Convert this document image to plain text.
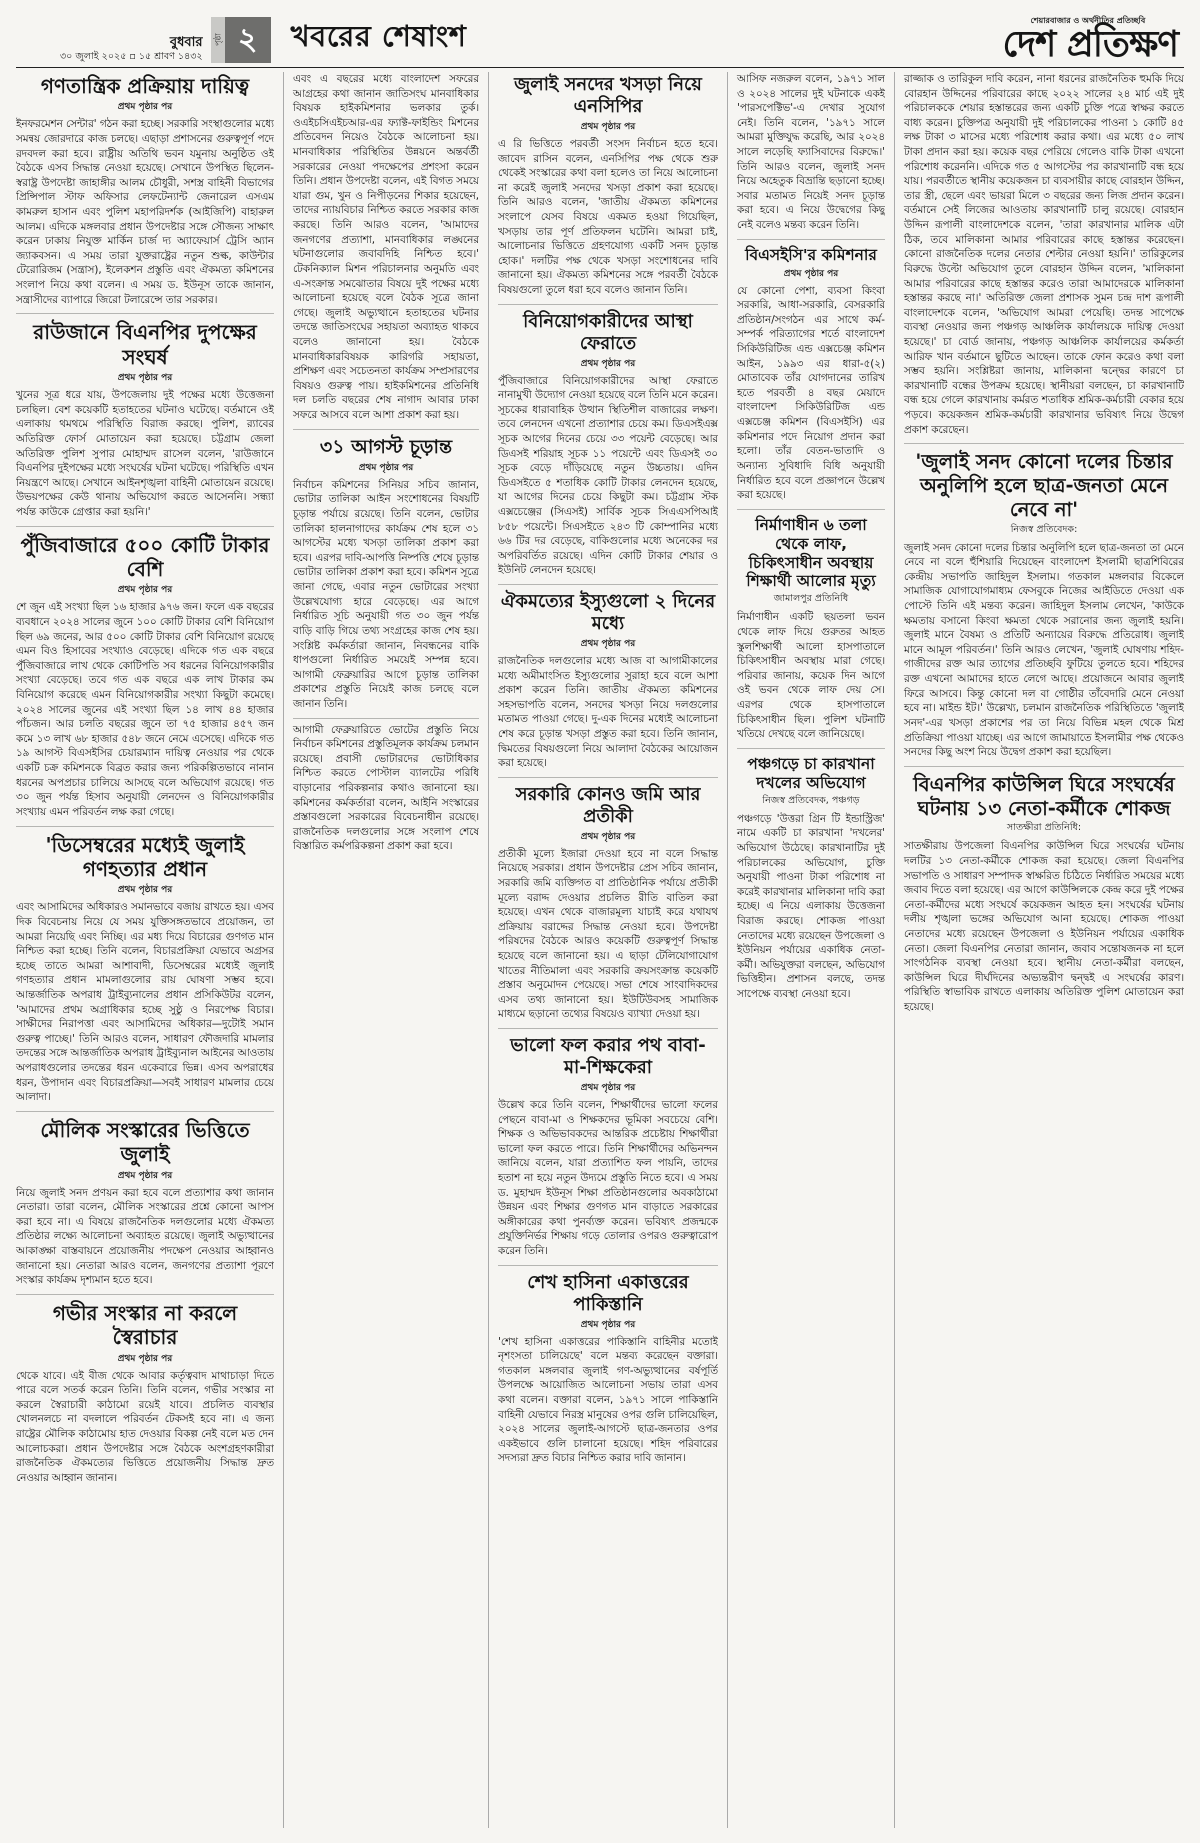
বুধবার
৩০ জুলাই ২০২৫ ▫ ১৫ শ্রাবণ ১৪৩২
পৃষ্ঠা ২	খবরের শেষাংশ	শেয়ারবাজার ও অর্থনীতির প্রতিচ্ছবি
দেশ প্রতিক্ষণ
গণতান্ত্রিক প্রক্রিয়ায় দায়িত্ব
প্রথম পৃষ্ঠার পর

ইনফরমেশন সেন্টার' গঠন করা হচ্ছে। সরকারি সংস্থাগুলোর মধ্যে সমন্বয় জোরদারে কাজ চলছে। এছাড়া প্রশাসনের গুরুত্বপূর্ণ পদে রদবদল করা হবে। রাষ্ট্রীয় অতিথি ভবন যমুনায় অনুষ্ঠিত ওই বৈঠকে এসব সিদ্ধান্ত নেওয়া হয়েছে। সেখানে উপস্থিত ছিলেন-স্বরাষ্ট্র উপদেষ্টা জাহাঙ্গীর আলম চৌধুরী, সশস্ত্র বাহিনী বিভাগের প্রিন্সিপাল স্টাফ অফিসার লেফটেন্যান্ট জেনারেল এসএম কামরুল হাসান এবং পুলিশ মহাপরিদর্শক (আইজিপি) বাহারুল আলম। এদিকে মঙ্গলবার প্রধান উপদেষ্টার সঙ্গে সৌজন্য সাক্ষাৎ করেন ঢাকায় নিযুক্ত মার্কিন চার্জ দ্য অ্যাফেয়ার্স ট্রেসি অ্যান জ্যাকবসন। এ সময় তারা যুক্তরাষ্ট্রের নতুন শুল্ক, কাউন্টার টেরোরিজম (সন্ত্রাস), ইলেকশন প্রস্তুতি এবং ঐকমত্য কমিশনের সংলাপ নিয়ে কথা বলেন। এ সময় ড. ইউনূস তাকে জানান, সন্ত্রাসীদের ব্যাপারে জিরো টলারেন্সে তার সরকার।

রাউজানে বিএনপির দুপক্ষের সংঘর্ষ
প্রথম পৃষ্ঠার পর

খুনের সূত্র ধরে যায়, উপজেলায় দুই পক্ষের মধ্যে উত্তেজনা চলছিল। বেশ কয়েকটি হতাহতের ঘটনাও ঘটেছে। বর্তমানে ওই এলাকায় থমথমে পরিস্থিতি বিরাজ করছে। পুলিশ, র‍্যাবের অতিরিক্ত ফোর্স মোতায়েন করা হয়েছে। চট্টগ্রাম জেলা অতিরিক্ত পুলিশ সুপার মোহাম্মদ রাসেল বলেন, 'রাউজানে বিএনপির দুইপক্ষের মধ্যে সংঘর্ষের ঘটনা ঘটেছে। পরিস্থিতি এখন নিয়ন্ত্রণে আছে। সেখানে আইনশৃঙ্খলা বাহিনী মোতায়েন রয়েছে। উভয়পক্ষের কেউ থানায় অভিযোগ করতে আসেননি। সন্ধ্যা পর্যন্ত কাউকে গ্রেপ্তার করা হয়নি।'

পুঁজিবাজারে ৫০০ কোটি টাকার বেশি
প্রথম পৃষ্ঠার পর

শে জুন এই সংখ্যা ছিল ১৬ হাজার ৯৭৬ জন। ফলে এক বছরের ব্যবধানে ২০২৪ সালের জুনে ১০০ কোটি টাকার বেশি বিনিয়োগ ছিল ৬৯ জনের, আর ৫০০ কোটি টাকার বেশি বিনিয়োগ রয়েছে এমন বিও হিসাবের সংখ্যাও বেড়েছে। এদিকে গত এক বছরে পুঁজিবাজারে লাখ থেকে কোটিপতি সব ধরনের বিনিয়োগকারীর সংখ্যা বেড়েছে। তবে গত এক বছরে এক লাখ টাকার কম বিনিয়োগ করেছে এমন বিনিয়োগকারীর সংখ্যা কিছুটা কমেছে। ২০২৪ সালের জুনের এই সংখ্যা ছিল ১৪ লাখ ৪৪ হাজার পাঁচজন। আর চলতি বছরের জুনে তা ৭৫ হাজার ৪৫৭ জন কমে ১৩ লাখ ৬৮ হাজার ৫৪৮ জনে নেমে এসেছে। এদিকে গত ১৯ আগস্ট বিএসইসির চেয়ারম্যান দায়িত্ব নেওয়ার পর থেকে একটি চক্র কমিশনকে বিব্রত করার জন্য পরিকল্পিতভাবে নানান ধরনের অপপ্রচার চালিয়ে আসছে বলে অভিযোগ রয়েছে। গত ৩০ জুন পর্যন্ত হিসাব অনুযায়ী লেনদেন ও বিনিয়োগকারীর সংখ্যায় এমন পরিবর্তন লক্ষ করা গেছে।

'ডিসেম্বরের মধ্যেই জুলাই গণহত্যার প্রধান
প্রথম পৃষ্ঠার পর

এবং আসামিদের অধিকারও সমানভাবে বজায় রাখতে হয়। এসব দিক বিবেচনায় নিয়ে যে সময় যুক্তিসঙ্গতভাবে প্রয়োজন, তা আমরা নিয়েছি এবং নিচ্ছি। এর মধ্য দিয়ে বিচারের গুণগত মান নিশ্চিত করা হচ্ছে। তিনি বলেন, বিচারপ্রক্রিয়া যেভাবে অগ্রসর হচ্ছে তাতে আমরা আশাবাদী, ডিসেম্বরের মধ্যেই জুলাই গণহত্যার প্রধান মামলাগুলোর রায় ঘোষণা সম্ভব হবে। আন্তর্জাতিক অপরাধ ট্রাইব্যুনালের প্রধান প্রসিকিউটর বলেন, 'আমাদের প্রথম অগ্রাধিকার হচ্ছে সুষ্ঠু ও নিরপেক্ষ বিচার। সাক্ষীদের নিরাপত্তা এবং আসামিদের অধিকার—দুটোই সমান গুরুত্ব পাচ্ছে।' তিনি আরও বলেন, সাধারণ ফৌজদারি মামলার তদন্তের সঙ্গে আন্তর্জাতিক অপরাধ ট্রাইব্যুনাল আইনের আওতায় অপরাধগুলোর তদন্তের ধরন একেবারে ভিন্ন। এসব অপরাধের ধরন, উপাদান এবং বিচারপ্রক্রিয়া—সবই সাধারণ মামলার চেয়ে আলাদা।

মৌলিক সংস্কারের ভিত্তিতে জুলাই
প্রথম পৃষ্ঠার পর

নিয়ে জুলাই সনদ প্রণয়ন করা হবে বলে প্রত্যাশার কথা জানান নেতারা। তারা বলেন, মৌলিক সংস্কারের প্রশ্নে কোনো আপস করা হবে না। এ বিষয়ে রাজনৈতিক দলগুলোর মধ্যে ঐকমত্য প্রতিষ্ঠার লক্ষ্যে আলোচনা অব্যাহত রয়েছে। জুলাই অভ্যুত্থানের আকাঙ্ক্ষা বাস্তবায়নে প্রয়োজনীয় পদক্ষেপ নেওয়ার আহ্বানও জানানো হয়। নেতারা আরও বলেন, জনগণের প্রত্যাশা পূরণে সংস্কার কার্যক্রম দৃশ্যমান হতে হবে।

গভীর সংস্কার না করলে স্বৈরাচার
প্রথম পৃষ্ঠার পর

থেকে যাবে। এই বীজ থেকে আবার কর্তৃত্ববাদ মাথাচাড়া দিতে পারে বলে সতর্ক করেন তিনি। তিনি বলেন, গভীর সংস্কার না করলে স্বৈরাচারী কাঠামো রয়েই যাবে। প্রচলিত ব্যবস্থার খোলনলচে না বদলালে পরিবর্তন টেকসই হবে না। এ জন্য রাষ্ট্রের মৌলিক কাঠামোয় হাত দেওয়ার বিকল্প নেই বলে মত দেন আলোচকরা। প্রধান উপদেষ্টার সঙ্গে বৈঠকে অংশগ্রহণকারীরা রাজনৈতিক ঐকমত্যের ভিত্তিতে প্রয়োজনীয় সিদ্ধান্ত দ্রুত নেওয়ার আহ্বান জানান।

এবং এ বছরের মধ্যে বাংলাদেশ সফরের আগ্রহের কথা জানান জাতিসংঘ মানবাধিকার বিষয়ক হাইকমিশনার ভলকার তুর্ক। ওএইচসিএইচআর-এর ফ্যাক্ট-ফাইন্ডিং মিশনের প্রতিবেদন নিয়েও বৈঠকে আলোচনা হয়। মানবাধিকার পরিস্থিতির উন্নয়নে অন্তর্বর্তী সরকারের নেওয়া পদক্ষেপের প্রশংসা করেন তিনি। প্রধান উপদেষ্টা বলেন, এই বিগত সময়ে যারা গুম, খুন ও নিপীড়নের শিকার হয়েছেন, তাদের ন্যায়বিচার নিশ্চিত করতে সরকার কাজ করছে। তিনি আরও বলেন, 'আমাদের জনগণের প্রত্যাশা, মানবাধিকার লঙ্ঘনের ঘটনাগুলোর জবাবদিহি নিশ্চিত হবে।' টেকনিক্যাল মিশন পরিচালনার অনুমতি এবং এ-সংক্রান্ত সমঝোতার বিষয়ে দুই পক্ষের মধ্যে আলোচনা হয়েছে বলে বৈঠক সূত্রে জানা গেছে। জুলাই অভ্যুত্থানে হতাহতের ঘটনার তদন্তে জাতিসংঘের সহায়তা অব্যাহত থাকবে বলেও জানানো হয়। বৈঠকে মানবাধিকারবিষয়ক কারিগরি সহায়তা, প্রশিক্ষণ এবং সচেতনতা কার্যক্রম সম্প্রসারণের বিষয়ও গুরুত্ব পায়। হাইকমিশনের প্রতিনিধি দল চলতি বছরের শেষ নাগাদ আবার ঢাকা সফরে আসবে বলে আশা প্রকাশ করা হয়।

৩১ আগস্ট চূড়ান্ত
প্রথম পৃষ্ঠার পর

নির্বাচন কমিশনের সিনিয়র সচিব জানান, ভোটার তালিকা আইন সংশোধনের বিষয়টি চূড়ান্ত পর্যায়ে রয়েছে। তিনি বলেন, ভোটার তালিকা হালনাগাদের কার্যক্রম শেষ হলে ৩১ আগস্টের মধ্যে খসড়া তালিকা প্রকাশ করা হবে। এরপর দাবি-আপত্তি নিষ্পত্তি শেষে চূড়ান্ত ভোটার তালিকা প্রকাশ করা হবে। কমিশন সূত্রে জানা গেছে, এবার নতুন ভোটারের সংখ্যা উল্লেখযোগ্য হারে বেড়েছে। এর আগে নির্ধারিত সূচি অনুযায়ী গত ৩০ জুন পর্যন্ত বাড়ি বাড়ি গিয়ে তথ্য সংগ্রহের কাজ শেষ হয়। সংশ্লিষ্ট কর্মকর্তারা জানান, নিবন্ধনের বাকি ধাপগুলো নির্ধারিত সময়েই সম্পন্ন হবে। আগামী ফেব্রুয়ারির আগে চূড়ান্ত তালিকা প্রকাশের প্রস্তুতি নিয়েই কাজ চলছে বলে জানান তিনি।

আগামী ফেব্রুয়ারিতে ভোটের প্রস্তুতি নিয়ে নির্বাচন কমিশনের প্রস্তুতিমূলক কার্যক্রম চলমান রয়েছে। প্রবাসী ভোটারদের ভোটাধিকার নিশ্চিত করতে পোস্টাল ব্যালটের পরিধি বাড়ানোর পরিকল্পনার কথাও জানানো হয়। কমিশনের কর্মকর্তারা বলেন, আইনি সংস্কারের প্রস্তাবগুলো সরকারের বিবেচনাধীন রয়েছে। রাজনৈতিক দলগুলোর সঙ্গে সংলাপ শেষে বিস্তারিত কর্মপরিকল্পনা প্রকাশ করা হবে।

জুলাই সনদের খসড়া নিয়ে এনসিপির
প্রথম পৃষ্ঠার পর

এ রি ভিত্তিতে পরবর্তী সংসদ নির্বাচন হতে হবে। জাবেদ রাসিন বলেন, এনসিপির পক্ষ থেকে শুরু থেকেই সংস্কারের কথা বলা হলেও তা নিয়ে আলোচনা না করেই জুলাই সনদের খসড়া প্রকাশ করা হয়েছে। তিনি আরও বলেন, 'জাতীয় ঐকমত্য কমিশনের সংলাপে যেসব বিষয়ে একমত হওয়া গিয়েছিল, খসড়ায় তার পূর্ণ প্রতিফলন ঘটেনি। আমরা চাই, আলোচনার ভিত্তিতে গ্রহণযোগ্য একটি সনদ চূড়ান্ত হোক।' দলটির পক্ষ থেকে খসড়া সংশোধনের দাবি জানানো হয়। ঐকমত্য কমিশনের সঙ্গে পরবর্তী বৈঠকে বিষয়গুলো তুলে ধরা হবে বলেও জানান তিনি।

বিনিয়োগকারীদের আস্থা ফেরাতে
প্রথম পৃষ্ঠার পর

পুঁজিবাজারে বিনিয়োগকারীদের আস্থা ফেরাতে নানামুখী উদ্যোগ নেওয়া হয়েছে বলে তিনি মনে করেন। সূচকের ধারাবাহিক উত্থান স্থিতিশীল বাজারের লক্ষণ। তবে লেনদেন এখনো প্রত্যাশার চেয়ে কম। ডিএসইএক্স সূচক আগের দিনের চেয়ে ৩৩ পয়েন্ট বেড়েছে। আর ডিএসই শরিয়াহ সূচক ১১ পয়েন্টে এবং ডিএসই ৩০ সূচক বেড়ে দাঁড়িয়েছে নতুন উচ্চতায়। এদিন ডিএসইতে ৫ শতাধিক কোটি টাকার লেনদেন হয়েছে, যা আগের দিনের চেয়ে কিছুটা কম। চট্টগ্রাম স্টক এক্সচেঞ্জের (সিএসই) সার্বিক সূচক সিএএসপিআই ৮৫৮ পয়েন্টে। সিএসইতে ২৪৩ টি কোম্পানির মধ্যে ৬৬ টির দর বেড়েছে, বাকিগুলোর মধ্যে অনেকের দর অপরিবর্তিত রয়েছে। এদিন কোটি টাকার শেয়ার ও ইউনিট লেনদেন হয়েছে।

ঐকমত্যের ইস্যুগুলো ২ দিনের মধ্যে
প্রথম পৃষ্ঠার পর

রাজনৈতিক দলগুলোর মধ্যে আজ বা আগামীকালের মধ্যে অমীমাংসিত ইস্যুগুলোর সুরাহা হবে বলে আশা প্রকাশ করেন তিনি। জাতীয় ঐকমত্য কমিশনের সহসভাপতি বলেন, সনদের খসড়া নিয়ে দলগুলোর মতামত পাওয়া গেছে। দু-এক দিনের মধ্যেই আলোচনা শেষ করে চূড়ান্ত খসড়া প্রস্তুত করা হবে। তিনি জানান, দ্বিমতের বিষয়গুলো নিয়ে আলাদা বৈঠকের আয়োজন করা হয়েছে।

সরকারি কোনও জমি আর প্রতীকী
প্রথম পৃষ্ঠার পর

প্রতীকী মূল্যে ইজারা দেওয়া হবে না বলে সিদ্ধান্ত নিয়েছে সরকার। প্রধান উপদেষ্টার প্রেস সচিব জানান, সরকারি জমি ব্যক্তিগত বা প্রাতিষ্ঠানিক পর্যায়ে প্রতীকী মূল্যে বরাদ্দ দেওয়ার প্রচলিত রীতি বাতিল করা হয়েছে। এখন থেকে বাজারমূল্য যাচাই করে যথাযথ প্রক্রিয়ায় বরাদ্দের সিদ্ধান্ত নেওয়া হবে। উপদেষ্টা পরিষদের বৈঠকে আরও কয়েকটি গুরুত্বপূর্ণ সিদ্ধান্ত হয়েছে বলে জানানো হয়। এ ছাড়া টেলিযোগাযোগ খাতের নীতিমালা এবং সরকারি ক্রয়সংক্রান্ত কয়েকটি প্রস্তাব অনুমোদন পেয়েছে। সভা শেষে সাংবাদিকদের এসব তথ্য জানানো হয়। ইউটিউবসহ সামাজিক মাধ্যমে ছড়ানো তথ্যের বিষয়েও ব্যাখ্যা দেওয়া হয়।

ভালো ফল করার পথ বাবা-মা-শিক্ষকেরা
প্রথম পৃষ্ঠার পর

উল্লেখ করে তিনি বলেন, শিক্ষার্থীদের ভালো ফলের পেছনে বাবা-মা ও শিক্ষকদের ভূমিকা সবচেয়ে বেশি। শিক্ষক ও অভিভাবকদের আন্তরিক প্রচেষ্টায় শিক্ষার্থীরা ভালো ফল করতে পারে। তিনি শিক্ষার্থীদের অভিনন্দন জানিয়ে বলেন, যারা প্রত্যাশিত ফল পায়নি, তাদের হতাশ না হয়ে নতুন উদ্যমে প্রস্তুতি নিতে হবে। এ সময় ড. মুহাম্মদ ইউনূস শিক্ষা প্রতিষ্ঠানগুলোর অবকাঠামো উন্নয়ন এবং শিক্ষার গুণগত মান বাড়াতে সরকারের অঙ্গীকারের কথা পুনর্ব্যক্ত করেন। ভবিষ্যৎ প্রজন্মকে প্রযুক্তিনির্ভর শিক্ষায় গড়ে তোলার ওপরও গুরুত্বারোপ করেন তিনি।

শেখ হাসিনা একাত্তরের পাকিস্তানি
প্রথম পৃষ্ঠার পর

'শেখ হাসিনা একাত্তরের পাকিস্তানি বাহিনীর মতোই নৃশংসতা চালিয়েছে' বলে মন্তব্য করেছেন বক্তারা। গতকাল মঙ্গলবার জুলাই গণ-অভ্যুত্থানের বর্ষপূর্তি উপলক্ষে আয়োজিত আলোচনা সভায় তারা এসব কথা বলেন। বক্তারা বলেন, ১৯৭১ সালে পাকিস্তানি বাহিনী যেভাবে নিরস্ত্র মানুষের ওপর গুলি চালিয়েছিল, ২০২৪ সালের জুলাই-আগস্টে ছাত্র-জনতার ওপর একইভাবে গুলি চালানো হয়েছে। শহিদ পরিবারের সদস্যরা দ্রুত বিচার নিশ্চিত করার দাবি জানান।

আসিফ নজরুল বলেন, ১৯৭১ সাল ও ২০২৪ সালের দুই ঘটনাকে একই 'পারসপেক্টিভ'-এ দেখার সুযোগ নেই। তিনি বলেন, '১৯৭১ সালে আমরা মুক্তিযুদ্ধ করেছি, আর ২০২৪ সালে লড়েছি ফ্যাসিবাদের বিরুদ্ধে।' তিনি আরও বলেন, জুলাই সনদ নিয়ে অহেতুক বিভ্রান্তি ছড়ানো হচ্ছে। সবার মতামত নিয়েই সনদ চূড়ান্ত করা হবে। এ নিয়ে উদ্বেগের কিছু নেই বলেও মন্তব্য করেন তিনি।

বিএসইসি'র কমিশনার
প্রথম পৃষ্ঠার পর

যে কোনো পেশা, ব্যবসা কিংবা সরকারি, আধা-সরকারি, বেসরকারি প্রতিষ্ঠান/সংগঠন এর সাথে কর্ম-সম্পর্ক পরিত্যাগের শর্তে বাংলাদেশ সিকিউরিটিজ এন্ড এক্সচেঞ্জ কমিশন আইন, ১৯৯৩ এর ধারা-৫(২) মোতাবেক তাঁর যোগদানের তারিখ হতে পরবর্তী ৪ বছর মেয়াদে বাংলাদেশ সিকিউরিটিজ এন্ড এক্সচেঞ্জ কমিশন (বিএসইসি) এর কমিশনার পদে নিয়োগ প্রদান করা হলো। তাঁর বেতন-ভাতাদি ও অন্যান্য সুবিধাদি বিধি অনুযায়ী নির্ধারিত হবে বলে প্রজ্ঞাপনে উল্লেখ করা হয়েছে।

নির্মাণাধীন ৬ তলা থেকে লাফ, চিকিৎসাধীন অবস্থায় শিক্ষার্থী আলোর মৃত্যু
জামালপুর প্রতিনিধি

নির্মাণাধীন একটি ছয়তলা ভবন থেকে লাফ দিয়ে গুরুতর আহত স্কুলশিক্ষার্থী আলো হাসপাতালে চিকিৎসাধীন অবস্থায় মারা গেছে। পরিবার জানায়, কয়েক দিন আগে ওই ভবন থেকে লাফ দেয় সে। এরপর থেকে হাসপাতালে চিকিৎসাধীন ছিল। পুলিশ ঘটনাটি খতিয়ে দেখছে বলে জানিয়েছে।

পঞ্চগড়ে চা কারখানা দখলের অভিযোগ
নিজস্ব প্রতিবেদক, পঞ্চগড়

পঞ্চগড়ে 'উত্তরা গ্রিন টি ইন্ডাস্ট্রিজ' নামে একটি চা কারখানা 'দখলের' অভিযোগ উঠেছে। কারখানাটির দুই পরিচালকের অভিযোগ, চুক্তি অনুযায়ী পাওনা টাকা পরিশোধ না করেই কারখানার মালিকানা দাবি করা হচ্ছে। এ নিয়ে এলাকায় উত্তেজনা বিরাজ করছে। শোকজ পাওয়া নেতাদের মধ্যে রয়েছেন উপজেলা ও ইউনিয়ন পর্যায়ের একাধিক নেতা-কর্মী। অভিযুক্তরা বলছেন, অভিযোগ ভিত্তিহীন। প্রশাসন বলছে, তদন্ত সাপেক্ষে ব্যবস্থা নেওয়া হবে।

রাজ্জাক ও তারিকুল দাবি করেন, নানা ধরনের রাজনৈতিক হুমকি দিয়ে বোরহান উদ্দিনের পরিবারের কাছে ২০২২ সালের ২৪ মার্চ এই দুই পরিচালককে শেয়ার হস্তান্তরের জন্য একটি চুক্তি পত্রে স্বাক্ষর করতে বাধ্য করেন। চুক্তিপত্র অনুযায়ী দুই পরিচালকের পাওনা ১ কোটি ৪৫ লক্ষ টাকা ৩ মাসের মধ্যে পরিশোধ করার কথা। এর মধ্যে ৫০ লাখ টাকা প্রদান করা হয়। কয়েক বছর পেরিয়ে গেলেও বাকি টাকা এখনো পরিশোধ করেননি। এদিকে গত ৫ আগস্টের পর কারখানাটি বন্ধ হয়ে যায়। পরবর্তীতে স্থানীয় কয়েকজন চা ব্যবসায়ীর কাছে বোরহান উদ্দিন, তার স্ত্রী, ছেলে এবং ভায়রা মিলে ৩ বছরের জন্য লিজ প্রদান করেন। বর্তমানে সেই লিজের আওতায় কারখানাটি চালু রয়েছে। বোরহান উদ্দিন রূপালী বাংলাদেশকে বলেন, 'তারা কারখানার মালিক এটা ঠিক, তবে মালিকানা আমার পরিবারের কাছে হস্তান্তর করেছেন। কোনো রাজনৈতিক দলের নেতার শেল্টার নেওয়া হয়নি।' তারিকুলের বিরুদ্ধে উল্টো অভিযোগ তুলে বোরহান উদ্দিন বলেন, 'মালিকানা আমার পরিবারের কাছে হস্তান্তর করেও তারা আমাদেরকে মালিকানা হস্তান্তর করছে না।' অতিরিক্ত জেলা প্রশাসক সুমন চন্দ্র দাশ রূপালী বাংলাদেশকে বলেন, 'অভিযোগ আমরা পেয়েছি। তদন্ত সাপেক্ষে ব্যবস্থা নেওয়ার জন্য পঞ্চগড় আঞ্চলিক কার্যালয়কে দায়িত্ব দেওয়া হয়েছে।' চা বোর্ড জানায়, পঞ্চগড় আঞ্চলিক কার্যালয়ের কর্মকর্তা আরিফ খান বর্তমানে ছুটিতে আছেন। তাকে ফোন করেও কথা বলা সম্ভব হয়নি। সংশ্লিষ্টরা জানায়, মালিকানা দ্বন্দ্বের কারণে চা কারখানাটি বন্ধের উপক্রম হয়েছে। স্থানীয়রা বলছেন, চা কারখানাটি বন্ধ হয়ে গেলে কারখানায় কর্মরত শতাধিক শ্রমিক-কর্মচারী বেকার হয়ে পড়বে। কয়েকজন শ্রমিক-কর্মচারী কারখানার ভবিষ্যৎ নিয়ে উদ্বেগ প্রকাশ করেছেন।

'জুলাই সনদ কোনো দলের চিন্তার অনুলিপি হলে ছাত্র-জনতা মেনে নেবে না'
নিজস্ব প্রতিবেদক:

জুলাই সনদ কোনো দলের চিন্তার অনুলিপি হলে ছাত্র-জনতা তা মেনে নেবে না বলে হুঁশিয়ারি দিয়েছেন বাংলাদেশ ইসলামী ছাত্রশিবিরের কেন্দ্রীয় সভাপতি জাহিদুল ইসলাম। গতকাল মঙ্গলবার বিকেলে সামাজিক যোগাযোগমাধ্যম ফেসবুকে নিজের আইডিতে দেওয়া এক পোস্টে তিনি এই মন্তব্য করেন। জাহিদুল ইসলাম লেখেন, 'কাউকে ক্ষমতায় বসানো কিংবা ক্ষমতা থেকে সরানোর জন্য জুলাই হয়নি। জুলাই মানে বৈষম্য ও প্রতিটি অন্যায়ের বিরুদ্ধে প্রতিরোধ। জুলাই মানে আমূল পরিবর্তন।' তিনি আরও লেখেন, 'জুলাই ঘোষণায় শহিদ-গাজীদের রক্ত আর ত্যাগের প্রতিচ্ছবি ফুটিয়ে তুলতে হবে। শহিদের রক্ত এখনো আমাদের হাতে লেগে আছে। প্রয়োজনে আবার জুলাই ফিরে আসবে। কিন্তু কোনো দল বা গোষ্ঠীর তাঁবেদারি মেনে নেওয়া হবে না। মাইন্ড ইট।' উল্লেখ্য, চলমান রাজনৈতিক পরিস্থিতিতে 'জুলাই সনদ'-এর খসড়া প্রকাশের পর তা নিয়ে বিভিন্ন মহল থেকে মিশ্র প্রতিক্রিয়া পাওয়া যাচ্ছে। এর আগে জামায়াতে ইসলামীর পক্ষ থেকেও সনদের কিছু অংশ নিয়ে উদ্বেগ প্রকাশ করা হয়েছিল।

বিএনপির কাউন্সিল ঘিরে সংঘর্ষের ঘটনায় ১৩ নেতা-কর্মীকে শোকজ
সাতক্ষীরা প্রতিনিধি:

সাতক্ষীরায় উপজেলা বিএনপির কাউন্সিল ঘিরে সংঘর্ষের ঘটনায় দলটির ১৩ নেতা-কর্মীকে শোকজ করা হয়েছে। জেলা বিএনপির সভাপতি ও সাধারণ সম্পাদক স্বাক্ষরিত চিঠিতে নির্ধারিত সময়ের মধ্যে জবাব দিতে বলা হয়েছে। এর আগে কাউন্সিলকে কেন্দ্র করে দুই পক্ষের নেতা-কর্মীদের মধ্যে সংঘর্ষে কয়েকজন আহত হন। সংঘর্ষের ঘটনায় দলীয় শৃঙ্খলা ভঙ্গের অভিযোগ আনা হয়েছে। শোকজ পাওয়া নেতাদের মধ্যে রয়েছেন উপজেলা ও ইউনিয়ন পর্যায়ের একাধিক নেতা। জেলা বিএনপির নেতারা জানান, জবাব সন্তোষজনক না হলে সাংগঠনিক ব্যবস্থা নেওয়া হবে। স্থানীয় নেতা-কর্মীরা বলছেন, কাউন্সিল ঘিরে দীর্ঘদিনের অভ্যন্তরীণ দ্বন্দ্বই এ সংঘর্ষের কারণ। পরিস্থিতি স্বাভাবিক রাখতে এলাকায় অতিরিক্ত পুলিশ মোতায়েন করা হয়েছে।
